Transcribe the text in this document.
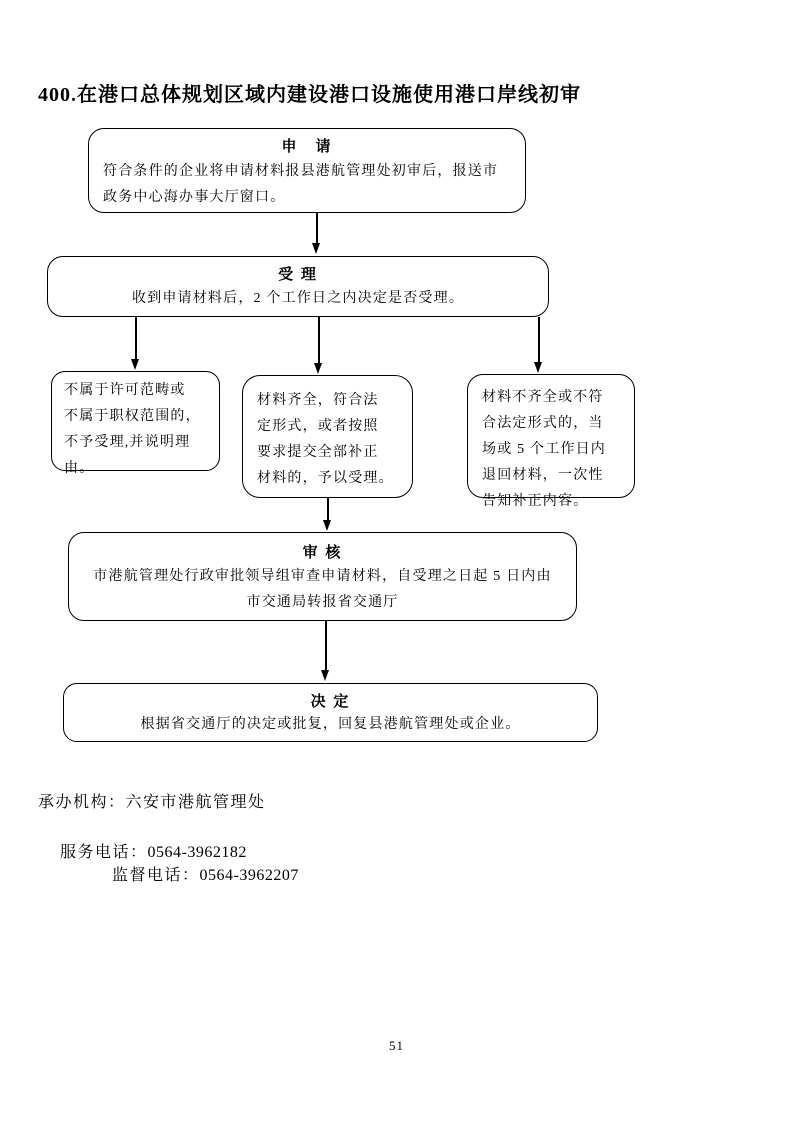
400.在港口总体规划区域内建设港口设施使用港口岸线初审
申　请
符合条件的企业将申请材料报县港航管理处初审后，报送市
政务中心海办事大厅窗口。
受 理
收到申请材料后，2 个工作日之内决定是否受理。
不属于许可范畴或
不属于职权范围的，
不予受理,并说明理
由。
材料齐全，符合法
定形式，或者按照
要求提交全部补正
材料的，予以受理。
材料不齐全或不符
合法定形式的，当
场或 5 个工作日内
退回材料，一次性
告知补正内容。
审 核
市港航管理处行政审批领导组审查申请材料，自受理之日起 5 日内由
市交通局转报省交通厅
决 定
根据省交通厅的决定或批复，回复县港航管理处或企业。
承办机构：六安市港航管理处

服务电话：0564-3962182
监督电话：0564-3962207

51
